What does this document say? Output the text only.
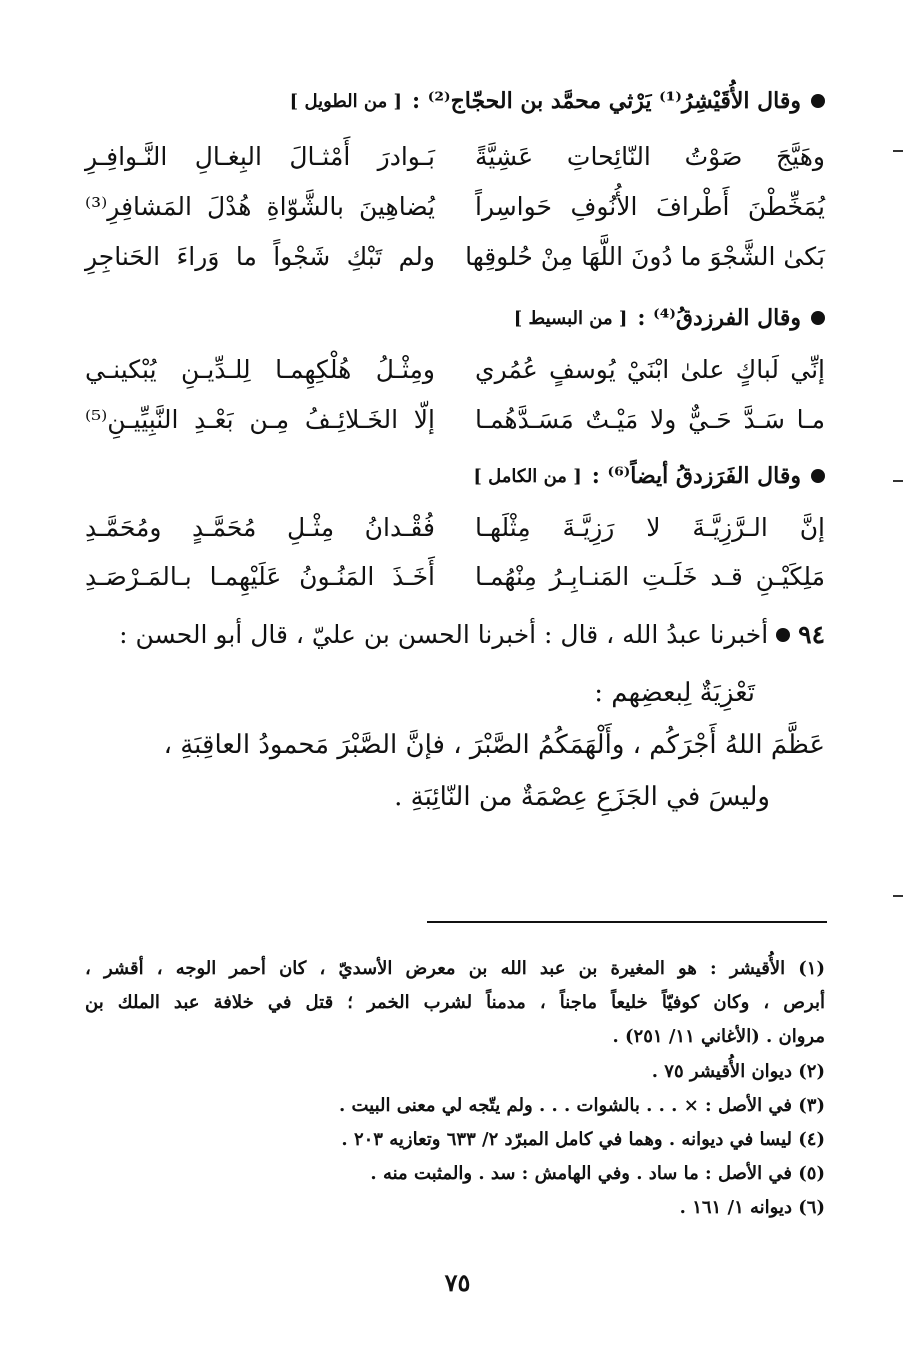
وقال الأُقَيْشِرُ⁽¹⁾ يَرْثي محمَّد بن الحجّاج⁽²⁾ :
[ من الطويل ]
وهَيَّجَ صَوْتُ النّائِحاتِ عَشِيَّةً
بَـوادرَ أَمْثـالَ البِغـالِ النَّـوافِـرِ
يُمَخِّطْنَ أَطْرافَ الأُنُوفِ حَواسِراً
يُضاهِينَ بالشَّوّاةِ هُدْلَ المَشافِرِ⁽³⁾
بَكىٰ الشَّجْوَ ما دُونَ اللَّهَا مِنْ حُلوقِها
ولم تَبْكِ شَجْواً ما وَراءَ الحَناجِرِ
وقال الفرزدقُ⁽⁴⁾ :
[ من البسيط ]
إنِّي لَباكٍ علىٰ ابْنَيْ يُوسفٍ عُمُري
ومِثْـلُ هُلْكِهِمـا لِلـدِّيـنِ يُبْكينـي
مـا سَـدَّ حَـيٌّ ولا مَيْـتٌ مَسَـدَّهُمـا
إلّا الخَـلائِـفُ مِـن بَعْـدِ النَّبِيِّيـنِ⁽⁵⁾
وقال الفَرَزدقُ أيضاً⁽⁶⁾ :
[ من الكامل ]
إنَّ الـرَّزِيَّـةَ لا رَزِيَّـةَ مِثْلَهـا
فُقْـدانُ مِثْـلِ مُحَمَّـدٍ ومُحَمَّـدِ
مَلِكَيْـنِ قـد خَلَـتِ المَنـابِـرُ مِنْهُمـا
أَخَـذَ المَنُـونُ عَلَيْهِمـا بـالمَـرْصَـدِ
٩٤
أخبرنا عبدُ الله ، قال : أخبرنا الحسن بن عليّ ، قال أبو الحسن :
تَعْزِيَةٌ لِبعضِهم :
عَظَّمَ اللهُ أَجْرَكُم ، وأَلْهَمَكُمُ الصَّبْرَ ، فإنَّ الصَّبْرَ مَحمودُ العاقِبَةِ ،
وليسَ في الجَزَعِ عِصْمَةٌ من النّائِبَةِ .
(١) الأُقيشر : هو المغيرة بن عبد الله بن معرض الأسديّ ، كان أحمر الوجه ، أقشر ،
أبرص ، وكان كوفيّاً خليعاً ماجناً ، مدمناً لشرب الخمر ؛ قتل في خلافة عبد الملك بن
مروان . (الأغاني ١١/ ٢٥١) .
(٢) ديوان الأُقيشر ٧٥ .
(٣) في الأصل : × . . . بالشوات . . . ولم يتّجه لي معنى البيت .
(٤) ليسا في ديوانه . وهما في كامل المبرّد ٢/ ٦٣٣ وتعازيه ٢٠٣ .
(٥) في الأصل : ما ساد . وفي الهامش : سد . والمثبت منه .
(٦) ديوانه ١/ ١٦١ .
٧٥
